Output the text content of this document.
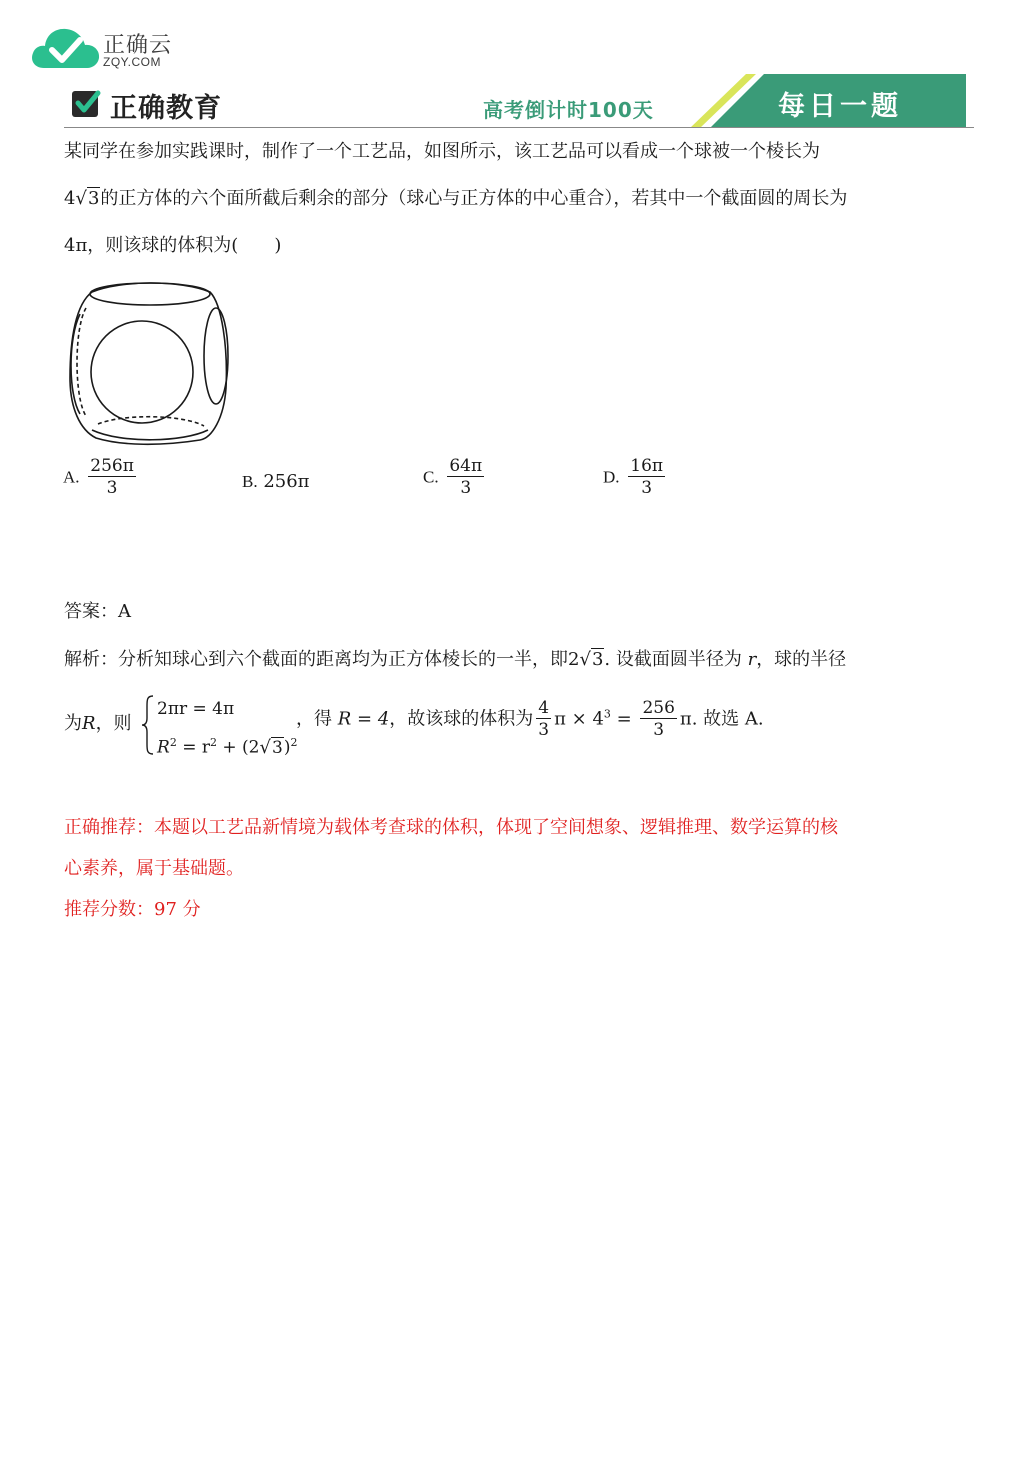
正确云
ZQY.COM
正确教育	高考倒计时100天	每日一题
某同学在参加实践课时，制作了一个工艺品，如图所示，该工艺品可以看成一个球被一个棱长为
4√3的正方体的六个面所截后剩余的部分（球心与正方体的中心重合），若其中一个截面圆的周长为
4π，则该球的体积为(　　)
A. $\frac{256\pi}{3}$	B. 256π	C. $\frac{64\pi}{3}$	D. $\frac{16\pi}{3}$
答案：A
解析：分析知球心到六个截面的距离均为正方体棱长的一半，即2√3. 设截面圆半径为 r，球的半径
为R，则
2πr = 4π
$R^2 = r^2 + (2√3)^2$
，得 R = 4，故该球的体积为 $\frac{4}{3}$ $\pi \times 4^3 = \frac{256}{3} \pi$. 故选 A.
正确推荐：本题以工艺品新情境为载体考查球的体积，体现了空间想象、逻辑推理、数学运算的核
心素养，属于基础题。
推荐分数：97 分
